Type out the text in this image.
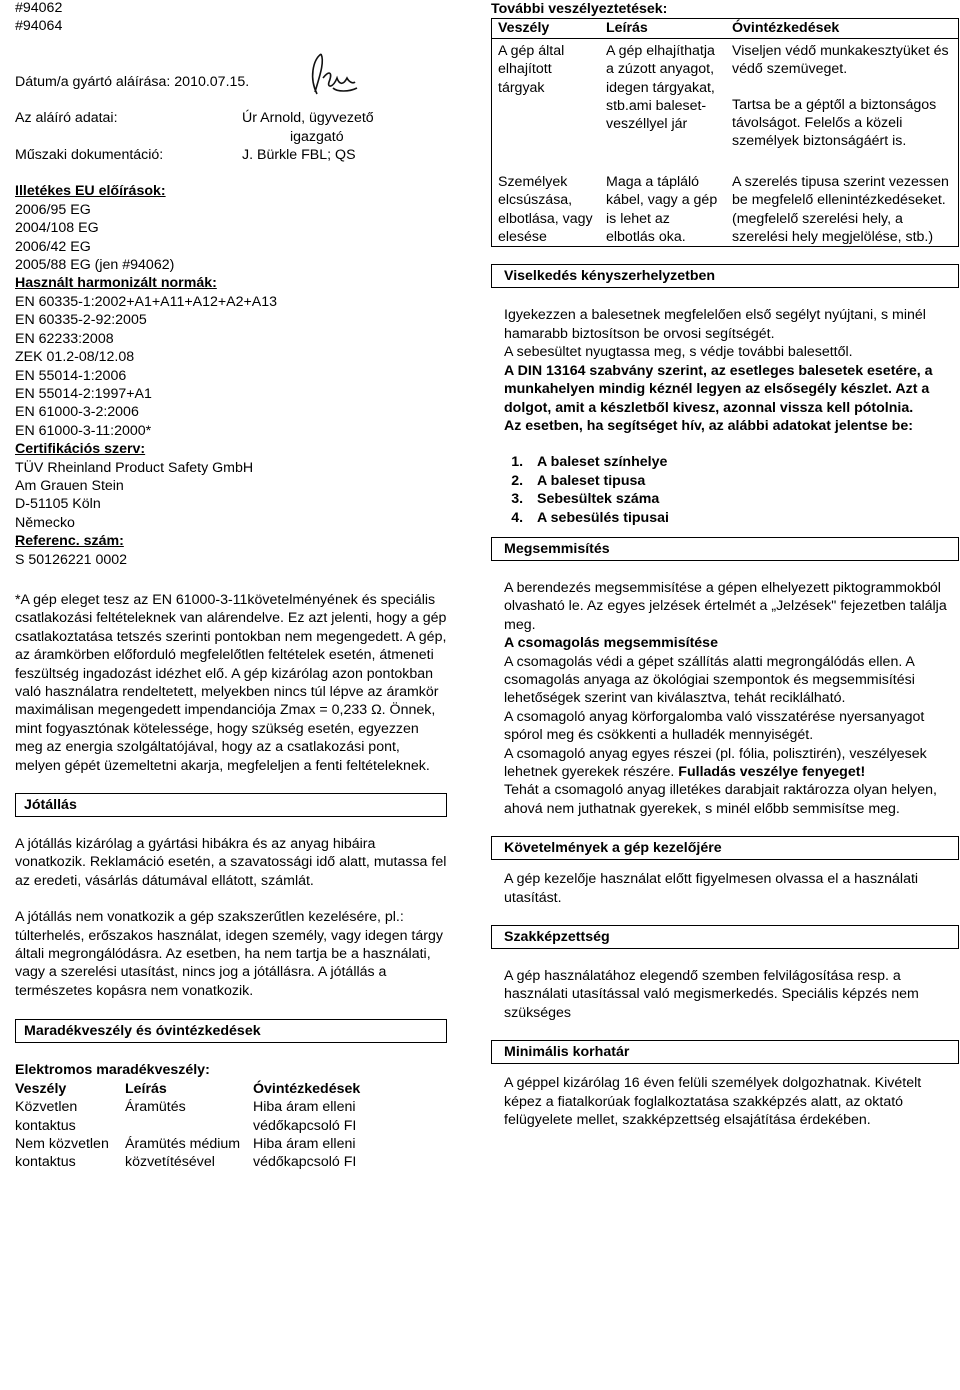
#94062

#94064

Dátum/a gyártó aláírása: 2010.07.15.

Az aláíró adatai:	Úr Arnold, ügyvezető
igazgató
Műszaki dokumentáció:	J. Bürkle FBL; QS

Illetékes EU előírások:

2006/95 EG

2004/108 EG

2006/42 EG

2005/88 EG (jen #94062)

Használt harmonizált normák:

EN 60335-1:2002+A1+A11+A12+A2+A13

EN 60335-2-92:2005

EN 62233:2008

ZEK 01.2-08/12.08

EN 55014-1:2006

EN 55014-2:1997+A1

EN 61000-3-2:2006

EN 61000-3-11:2000*

Certifikációs szerv:

TÜV Rheinland Product Safety GmbH

Am Grauen Stein

D-51105 Köln

Německo

Referenc. szám:

S 50126221 0002

*A gép eleget tesz az EN 61000-3-11követelményének és speciális csatlakozási feltételeknek van alárendelve. Ez azt jelenti, hogy a gép csatlakoztatása tetszés szerinti pontokban nem megengedett. A gép, az áramkörben előforduló megfelelőtlen feltételek esetén, átmeneti feszültség ingadozást idézhet elő. A gép kizárólag azon pontokban való használatra rendeltetett, melyekben nincs túl lépve az áramkör maximálisan megengedett impendanciója Zmax = 0,233 Ω. Önnek, mint fogyasztónak kötelessége, hogy szükség esetén, egyezzen meg az energia szolgáltatójával, hogy az a csatlakozási pont, melyen gépét üzemeltetni akarja, megfeleljen a fenti feltételeknek.

Jótállás

A jótállás kizárólag a gyártási hibákra és az anyag hibáira vonatkozik. Reklamáció esetén, a szavatossági idő alatt, mutassa fel az eredeti, vásárlás dátumával ellátott, számlát.

A jótállás nem vonatkozik a gép szakszerűtlen kezelésére, pl.: túlterhelés, erőszakos használat, idegen személy, vagy idegen tárgy általi megrongálódásra. Az esetben, ha nem tartja be a használati, vagy a szerelési utasítást, nincs jog a jótállásra. A jótállás a természetes kopásra nem vonatkozik.

Maradékveszély és óvintézkedések

Elektromos maradékveszély:

Veszély	Leírás	Óvintézkedések
Közvetlen kontaktus	Áramütés	Hiba áram elleni védőkapcsoló FI
Nem közvetlen kontaktus	Áramütés médium közvetítésével	Hiba áram elleni védőkapcsoló FI

További veszélyeztetések:

Veszély	Leírás	Óvintézkedések
A gép által elhajított tárgyak	A gép elhajíthatja a zúzott anyagot, idegen tárgyakat, stb.ami baleset-veszéllyel jár	Viseljen védő munkakesztyüket és védő szemüveget.

Tartsa be a géptől a biztonságos távolságot. Felelős a közeli személyek biztonságáért is.

Személyek elcsúszása, elbotlása, vagy elesése	Maga a tápláló kábel, vagy a gép is lehet az elbotlás oka.	A szerelés tipusa szerint vezessen be megfelelő ellenintézkedéseket. (megfelelő szerelési hely, a szerelési hely megjelölése, stb.)
Viselkedés kényszerhelyzetben

Igyekezzen a balesetnek megfelelően első segélyt nyújtani, s minél hamarabb biztosítson be orvosi segítségét.

A sebesültet nyugtassa meg, s védje további balesettől.

A DIN 13164 szabvány szerint, az esetleges balesetek esetére, a munkahelyen mindig kéznél legyen az elsősegély készlet. Azt a dolgot, amit a készletből kivesz, azonnal vissza kell pótolnia.

Az esetben, ha segítséget hív, az alábbi adatokat jelentse be:

1. A baleset színhelye
2. A baleset tipusa
3. Sebesültek száma
4. A sebesülés tipusai
Megsemmisítés

A berendezés megsemmisítése a gépen elhelyezett piktogrammokból olvasható le. Az egyes jelzések értelmét a „Jelzések" fejezetben találja meg.

A csomagolás megsemmisítése

A csomagolás védi a gépet szállítás alatti megrongálódás ellen. A csomagolás anyaga az ökológiai szempontok és megsemmisítési lehetőségek szerint van kiválasztva, tehát reciklálható.

A csomagoló anyag körforgalomba való visszatérése nyersanyagot spórol meg és csökkenti a hulladék mennyiségét.

A csomagoló anyag egyes részei (pl. fólia, polisztirén), veszélyesek lehetnek gyerekek részére. Fulladás veszélye fenyeget!

Tehát a csomagoló anyag illetékes darabjait raktározza olyan helyen, ahová nem juthatnak gyerekek, s minél előbb semmisítse meg.

Követelmények a gép kezelőjére

A gép kezelője használat előtt figyelmesen olvassa el a használati utasítást.

Szakképzettség

A gép használatához elegendő szemben felvilágosítása resp. a használati utasítással való megismerkedés. Speciális képzés nem szükséges

Minimális korhatár

A géppel kizárólag 16 éven felüli személyek dolgozhatnak. Kivételt képez a fiatalkorúak foglalkoztatása szakképzés alatt, az oktató felügyelete mellet, szakképzettség elsajátítása érdekében.
